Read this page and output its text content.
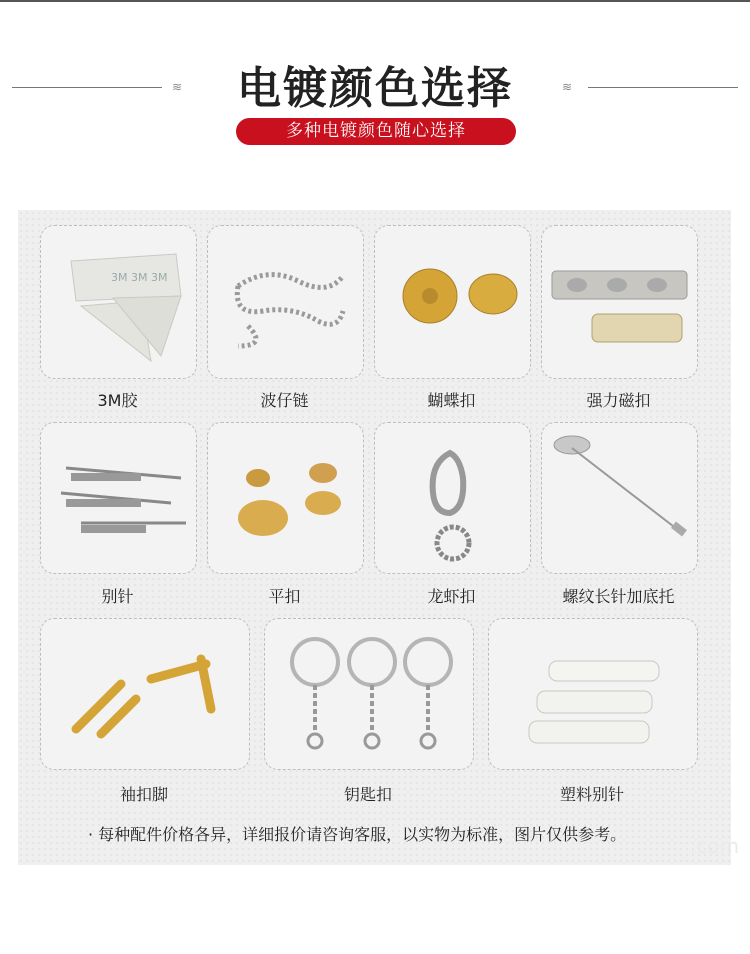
≋	电镀颜色选择	≋
多种电镀颜色随心选择
3M 3M 3M
3M胶	波仔链	蝴蝶扣	强力磁扣
别针	平扣	龙虾扣	螺纹长针加底托
袖扣脚	钥匙扣	塑料别针
· 每种配件价格各异，详细报价请咨询客服，以实物为标准，图片仅供参考。	.com
